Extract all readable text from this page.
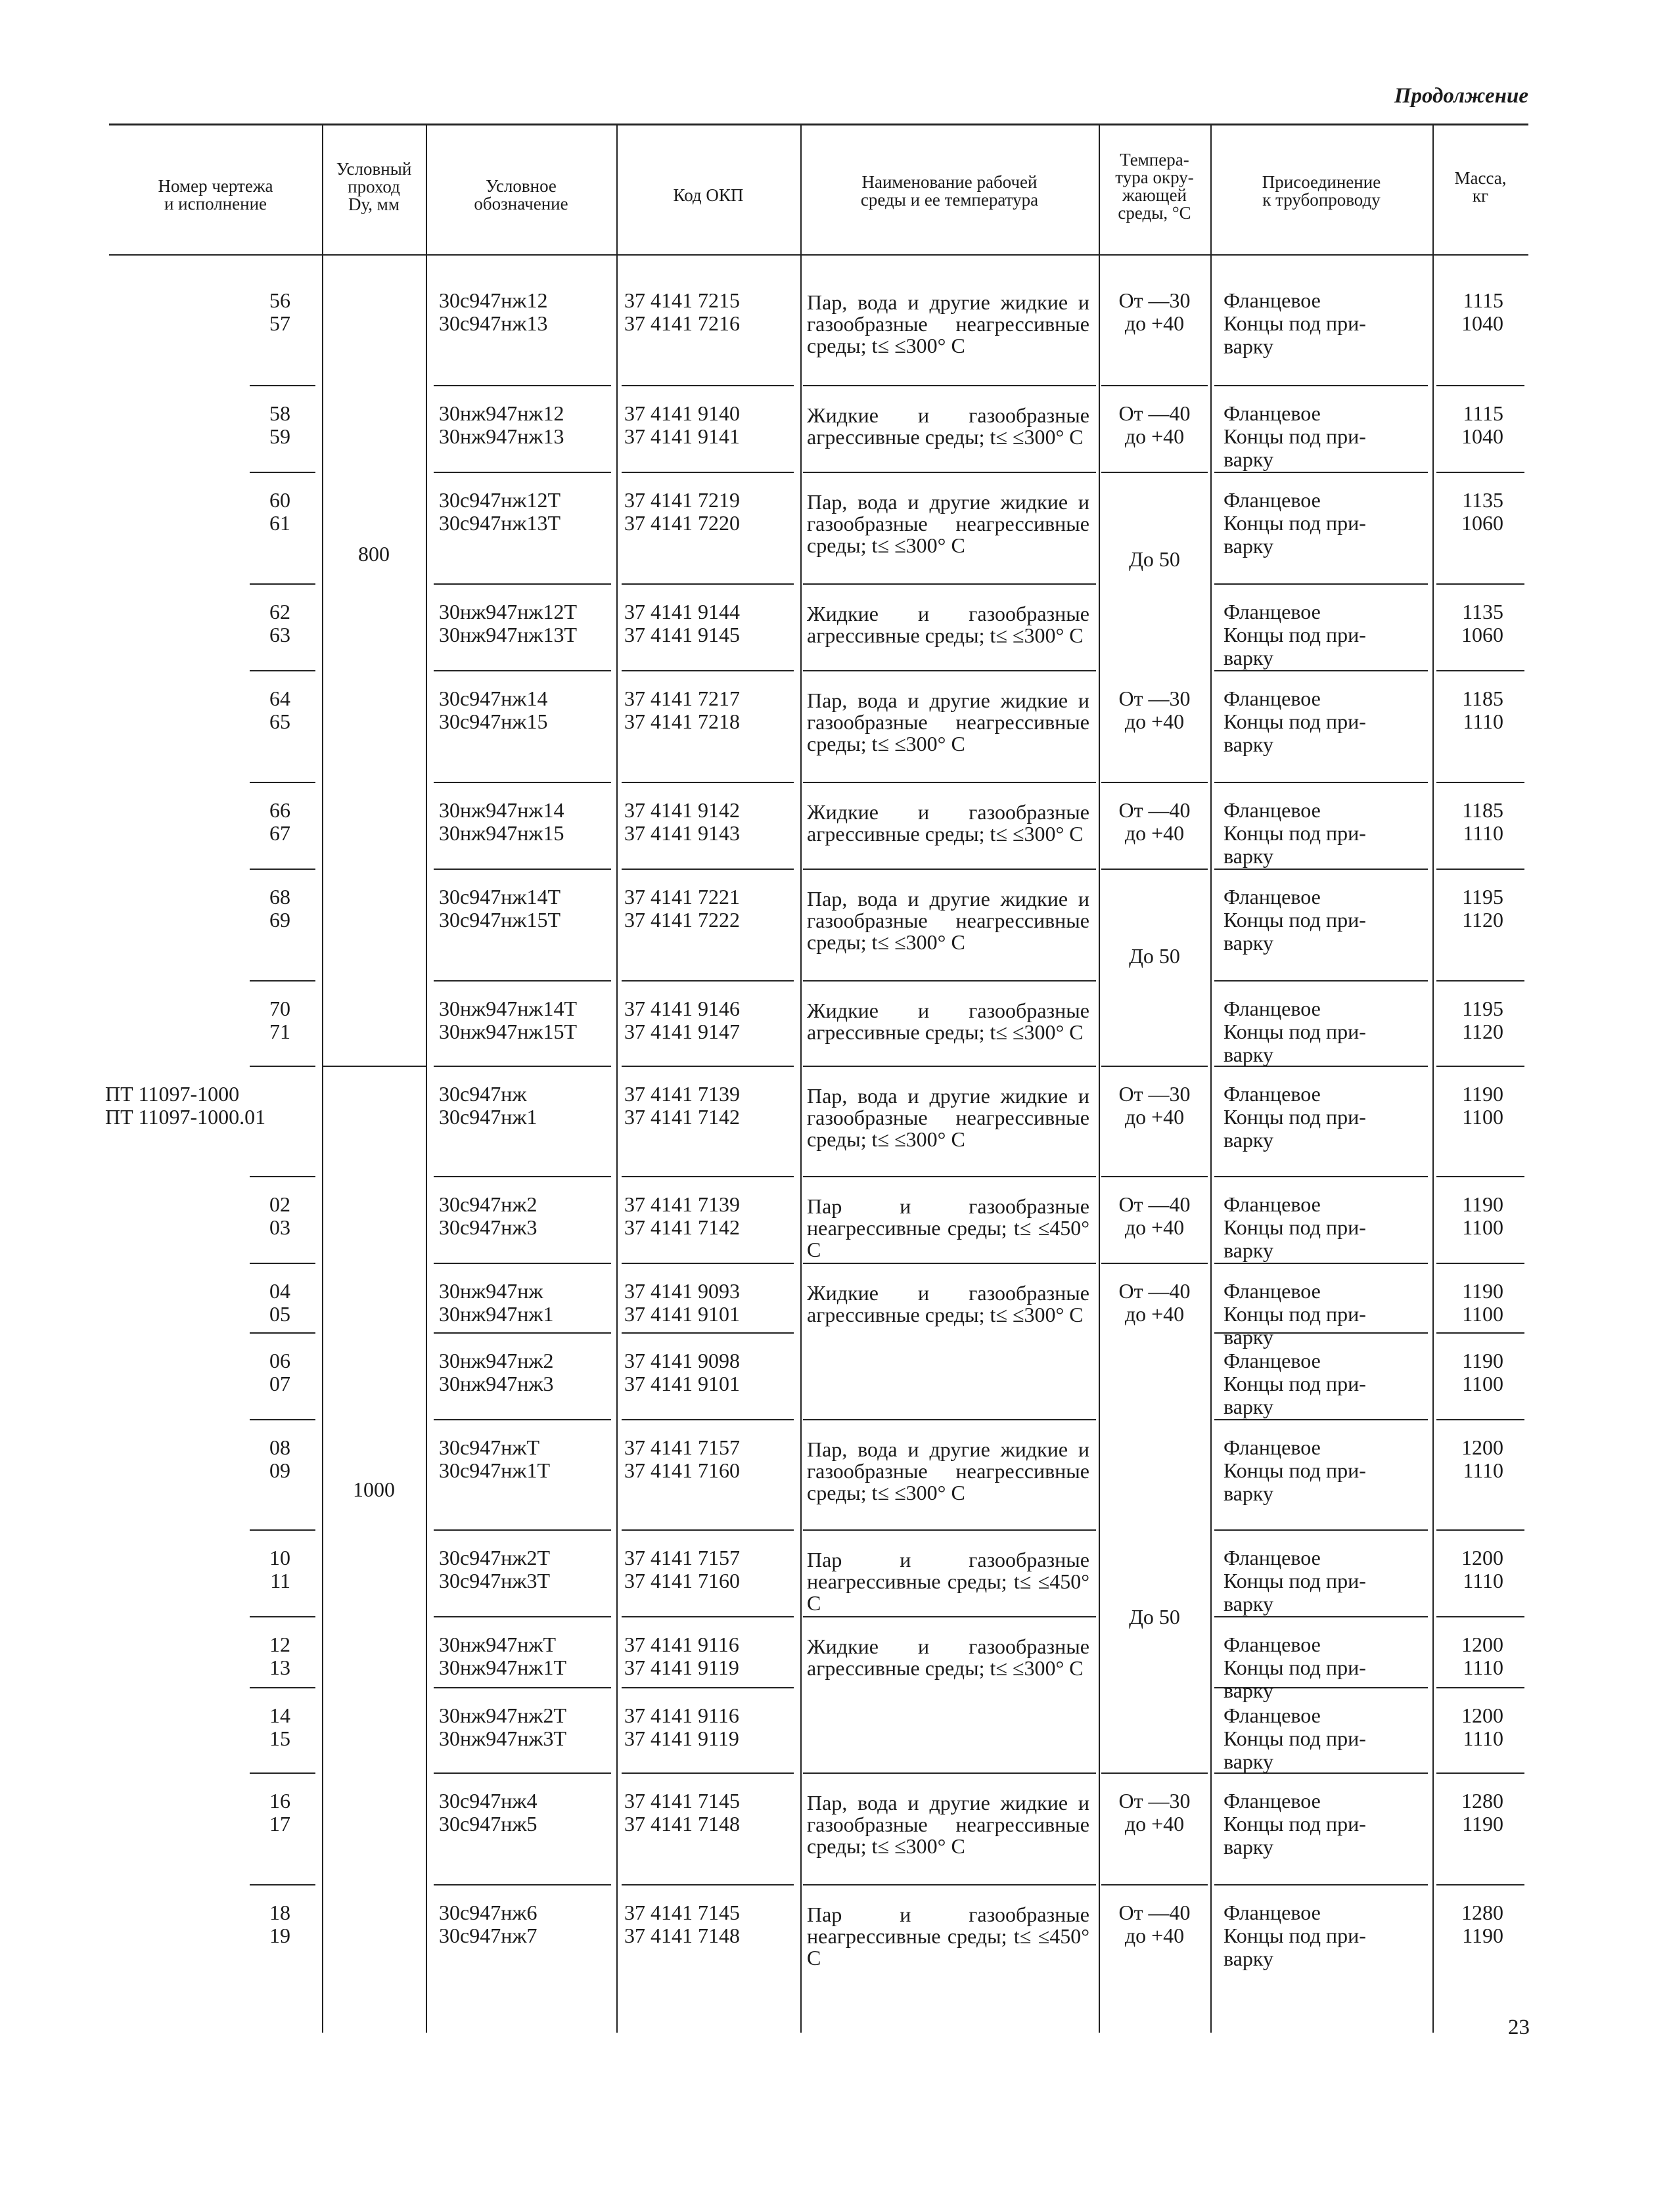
Продолжение
Номер чертежа
и исполнение
Условный
проход
Dу, мм
Условное
обозначение	Код ОКП
Наименование рабочей
среды и ее температура
Темпера-
тура окру-
жающей
среды, °С
Присоединение
к трубопроводу
Масса,
кг
800
1000
56
57
30с947нж12
30с947нж13
37 4141 7215
37 4141 7216
Пар, вода и другие жидкие и газообразные неагрессивные среды; t≤ ≤300° С
От —30
до +40
Фланцевое
Концы под при-
варку
1115
1040
58
59
30нж947нж12
30нж947нж13
37 4141 9140
37 4141 9141
Жидкие и газообразные агрессивные среды; t≤ ≤300° С
От —40
до +40
Фланцевое
Концы под при-
варку
1115
1040
60
61
30с947нж12Т
30с947нж13Т
37 4141 7219
37 4141 7220
Пар, вода и другие жидкие и газообразные неагрессивные среды; t≤ ≤300° С
До 50
Фланцевое
Концы под при-
варку
1135
1060
62
63
30нж947нж12Т
30нж947нж13Т
37 4141 9144
37 4141 9145
Жидкие и газообразные агрессивные среды; t≤ ≤300° С
Фланцевое
Концы под при-
варку
1135
1060
64
65
30с947нж14
30с947нж15
37 4141 7217
37 4141 7218
Пар, вода и другие жидкие и газообразные неагрессивные среды; t≤ ≤300° С
От —30
до +40
Фланцевое
Концы под при-
варку
1185
1110
66
67
30нж947нж14
30нж947нж15
37 4141 9142
37 4141 9143
Жидкие и газообразные агрессивные среды; t≤ ≤300° С
От —40
до +40
Фланцевое
Концы под при-
варку
1185
1110
68
69
30с947нж14Т
30с947нж15Т
37 4141 7221
37 4141 7222
Пар, вода и другие жидкие и газообразные неагрессивные среды; t≤ ≤300° С
До 50
Фланцевое
Концы под при-
варку
1195
1120
70
71
30нж947нж14Т
30нж947нж15Т
37 4141 9146
37 4141 9147
Жидкие и газообразные агрессивные среды; t≤ ≤300° С
Фланцевое
Концы под при-
варку
1195
1120
ПТ 11097-1000
ПТ 11097-1000.01
30с947нж
30с947нж1
37 4141 7139
37 4141 7142
Пар, вода и другие жидкие и газообразные неагрессивные среды; t≤ ≤300° С
От —30
до +40
Фланцевое
Концы под при-
варку
1190
1100
02
03
30с947нж2
30с947нж3
37 4141 7139
37 4141 7142
Пар и газообразные неагрессивные среды; t≤ ≤450° С
От —40
до +40
Фланцевое
Концы под при-
варку
1190
1100
04
05
30нж947нж
30нж947нж1
37 4141 9093
37 4141 9101
Жидкие и газообразные агрессивные среды; t≤ ≤300° С
От —40
до +40
Фланцевое
Концы под при-
варку
1190
1100
06
07
30нж947нж2
30нж947нж3
37 4141 9098
37 4141 9101
Фланцевое
Концы под при-
варку
1190
1100
08
09
30с947нжТ
30с947нж1Т
37 4141 7157
37 4141 7160
Пар, вода и другие жидкие и газообразные неагрессивные среды; t≤ ≤300° С
Фланцевое
Концы под при-
варку
1200
1110
10
11
30с947нж2Т
30с947нж3Т
37 4141 7157
37 4141 7160
Пар и газообразные неагрессивные среды; t≤ ≤450° С
До 50
Фланцевое
Концы под при-
варку
1200
1110
12
13
30нж947нжТ
30нж947нж1Т
37 4141 9116
37 4141 9119
Жидкие и газообразные агрессивные среды; t≤ ≤300° С
Фланцевое
Концы под при-
варку
1200
1110
14
15
30нж947нж2Т
30нж947нж3Т
37 4141 9116
37 4141 9119
Фланцевое
Концы под при-
варку
1200
1110
16
17
30с947нж4
30с947нж5
37 4141 7145
37 4141 7148
Пар, вода и другие жидкие и газообразные неагрессивные среды; t≤ ≤300° С
От —30
до +40
Фланцевое
Концы под при-
варку
1280
1190
18
19
30с947нж6
30с947нж7
37 4141 7145
37 4141 7148
Пар и газообразные неагрессивные среды; t≤ ≤450° С
От —40
до +40
Фланцевое
Концы под при-
варку
1280
1190
23
